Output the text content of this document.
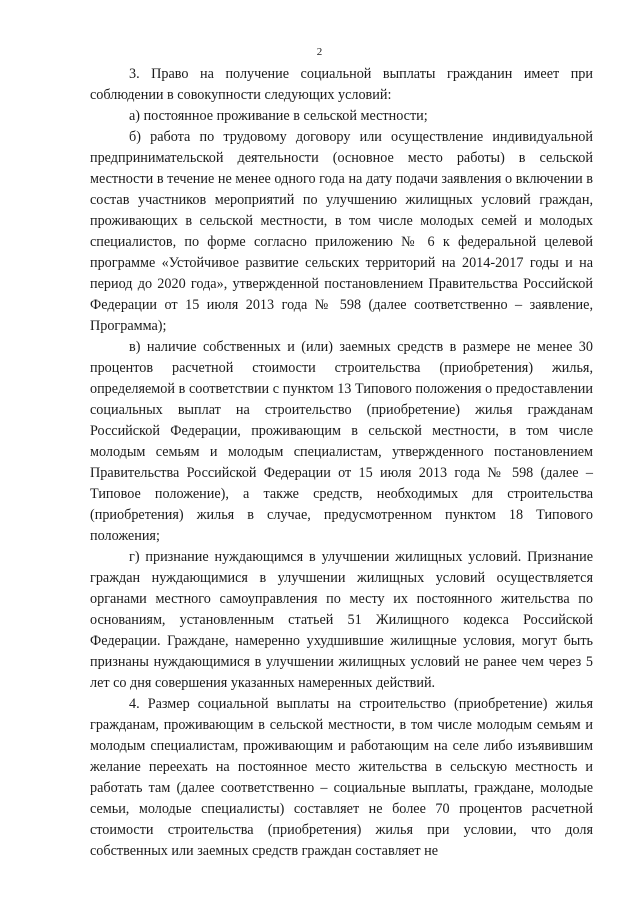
2

3. Право на получение социальной выплаты гражданин имеет при соблюдении в совокупности следующих условий:

а) постоянное проживание в сельской местности;

б) работа по трудовому договору или осуществление индивидуальной предпринимательской деятельности (основное место работы) в сельской местности в течение не менее одного года на дату подачи заявления о включении в состав участников мероприятий по улучшению жилищных условий граждан, проживающих в сельской местности, в том числе молодых семей и молодых специалистов, по форме согласно приложению № 6 к федеральной целевой программе «Устойчивое развитие сельских территорий на 2014-2017 годы и на период до 2020 года», утвержденной постановлением Правительства Российской Федерации от 15 июля 2013 года № 598 (далее соответственно – заявление, Программа);

в) наличие собственных и (или) заемных средств в размере не менее 30 процентов расчетной стоимости строительства (приобретения) жилья, определяемой в соответствии с пунктом 13 Типового положения о предоставлении социальных выплат на строительство (приобретение) жилья гражданам Российской Федерации, проживающим в сельской местности, в том числе молодым семьям и молодым специалистам, утвержденного постановлением Правительства Российской Федерации от 15 июля 2013 года № 598 (далее – Типовое положение), а также средств, необходимых для строительства (приобретения) жилья в случае, предусмотренном пунктом 18 Типового положения;

г) признание нуждающимся в улучшении жилищных условий. Признание граждан нуждающимися в улучшении жилищных условий осуществляется органами местного самоуправления по месту их постоянного жительства по основаниям, установленным статьей 51 Жилищного кодекса Российской Федерации. Граждане, намеренно ухудшившие жилищные условия, могут быть признаны нуждающимися в улучшении жилищных условий не ранее чем через 5 лет со дня совершения указанных намеренных действий.

4. Размер социальной выплаты на строительство (приобретение) жилья гражданам, проживающим в сельской местности, в том числе молодым семьям и молодым специалистам, проживающим и работающим на селе либо изъявившим желание переехать на постоянное место жительства в сельскую местность и работать там (далее соответственно – социальные выплаты, граждане, молодые семьи, молодые специалисты) составляет не более 70 процентов расчетной стоимости строительства (приобретения) жилья при условии, что доля собственных или заемных средств граждан составляет не
